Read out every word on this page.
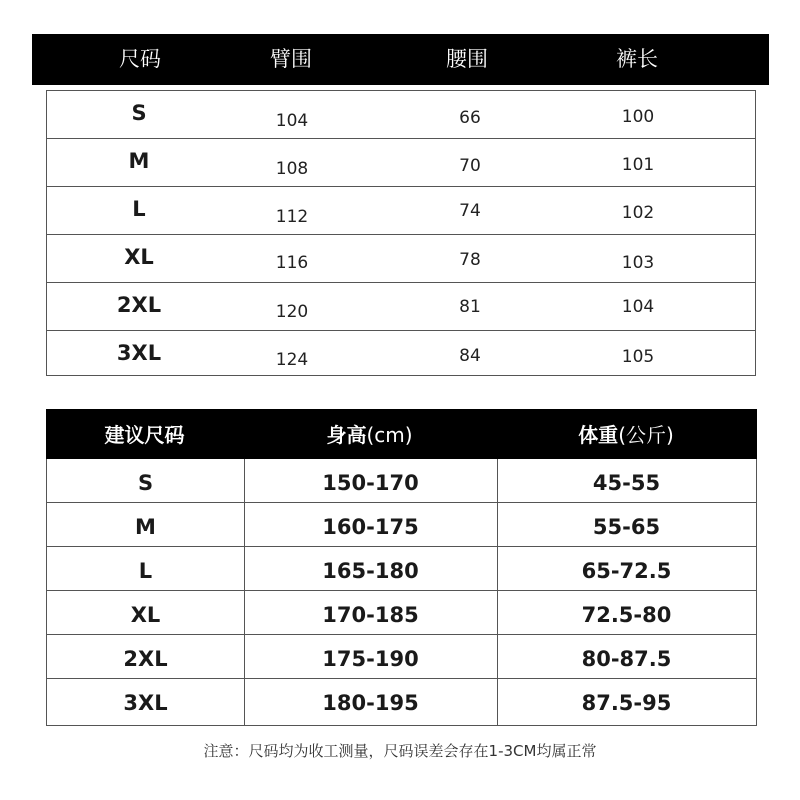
尺码	臂围	腰围	裤长
S	104	66	100
M	108	70	101
L	112	74	102
XL	116	78	103
2XL	120	81	104
3XL	124	84	105
建议尺码	身高(cm)	体重(公斤)
S	150-170	45-55
M	160-175	55-65
L	165-180	65-72.5
XL	170-185	72.5-80
2XL	175-190	80-87.5
3XL	180-195	87.5-95
注意：尺码均为收工测量，尺码误差会存在1-3CM均属正常
